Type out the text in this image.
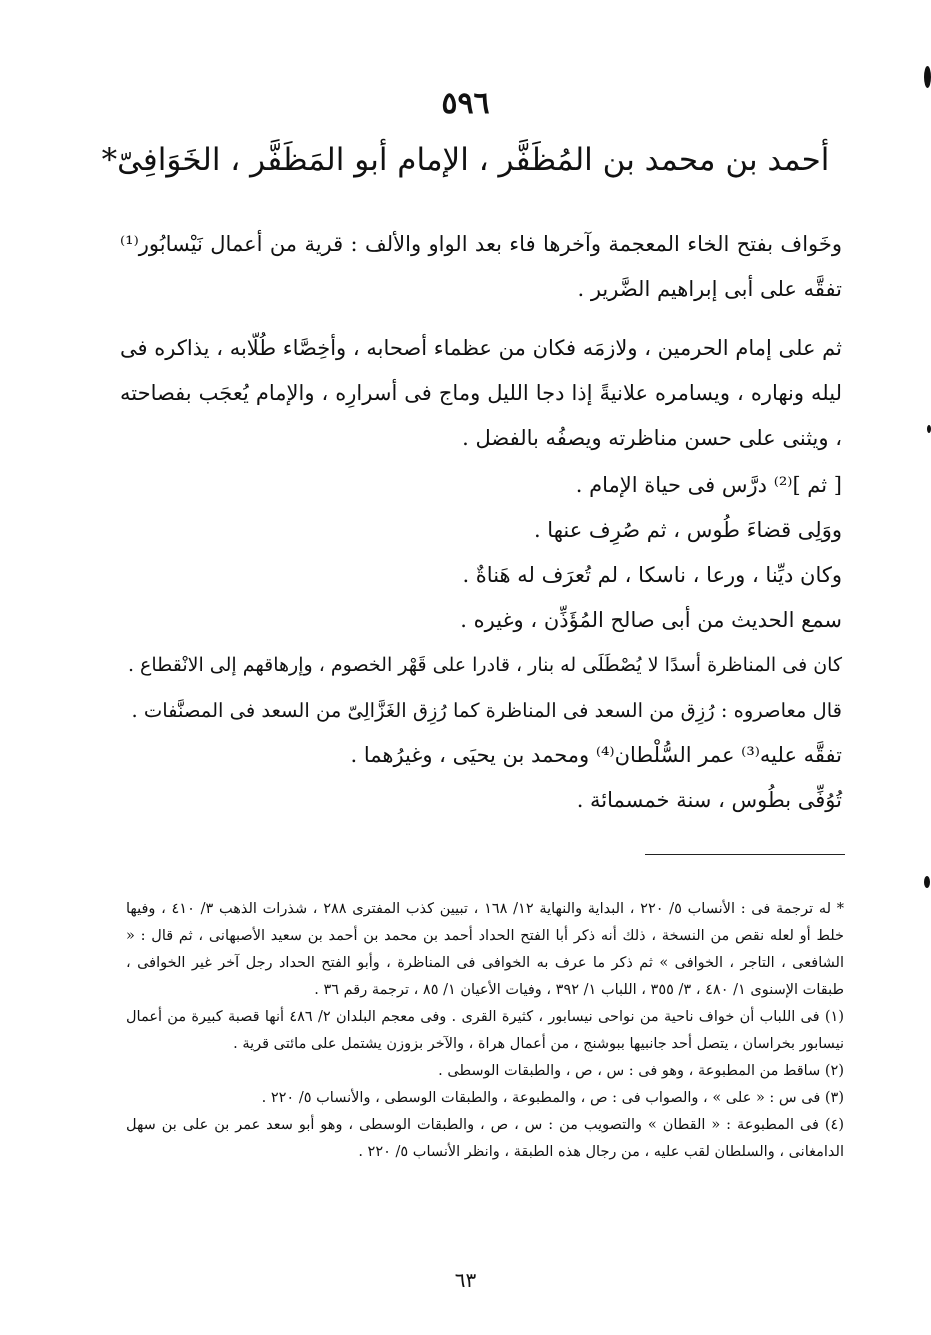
٥٩٦
أحمد بن محمد بن المُظَفَّر ، الإمام أبو المَظَفَّر ، الخَوَافِىّ*
وخَواف بفتح الخاء المعجمة وآخرها فاء بعد الواو والألف : قرية من أعمال نَيْسابُور⁽¹⁾ تفقَّه على أبى إبراهيم الضَّرير .
ثم على إمام الحرمين ، ولازمَه فكان من عظماء أصحابه ، وأخِصَّاء طُلّابه ، يذاكره فى ليله ونهاره ، ويسامره علانيةً إذا دجا الليل وماج فى أسرارِه ، والإمام يُعجَب بفصاحته ، ويثنى على حسن مناظرته ويصفُه بالفضل .
[ ثم ]⁽²⁾ درَّس فى حياة الإمام .
ووَلِى قضاءَ طُوس ، ثم صُرِف عنها .
وكان ديِّنا ، ورعا ، ناسكا ، لم تُعرَف له هَناةٌ .
سمع الحديث من أبى صالح المُؤَذِّن ، وغيره .
كان فى المناظرة أسدًا لا يُصْطَلَى له بنار ، قادرا على قَهْر الخصوم ، وإرهاقهم إلى الانْقطاع .
قال معاصروه : رُزِق من السعد فى المناظرة كما رُزِق الغَزَّالِىّ من السعد فى المصنَّفات .
تفقَّه عليه⁽³⁾ عمر السُّلْطان⁽⁴⁾ ومحمد بن يحيَى ، وغيرُهما .
تُوُفِّى بطُوس ، سنة خمسمائة .

* له ترجمة فى : الأنساب ٥/ ٢٢٠ ، البداية والنهاية ١٢/ ١٦٨ ، تبيين كذب المفترى ٢٨٨ ، شذرات الذهب ٣/ ٤١٠ ، وفيها خلط أو لعله نقص من النسخة ، ذلك أنه ذكر أبا الفتح الحداد أحمد بن محمد بن أحمد بن سعيد الأصبهانى ، ثم قال : « الشافعى ، التاجر ، الخوافى » ثم ذكر ما عرف به الخوافى فى المناظرة ، وأبو الفتح الحداد رجل آخر غير الخوافى ، طبقات الإسنوى ١/ ٤٨٠ ، ٣/ ٣٥٥ ، اللباب ١/ ٣٩٢ ، وفيات الأعيان ١/ ٨٥ ، ترجمة رقم ٣٦ .

(١) فى اللباب أن خواف ناحية من نواحى نيسابور ، كثيرة القرى . وفى معجم البلدان ٢/ ٤٨٦ أنها قصبة كبيرة من أعمال نيسابور بخراسان ، يتصل أحد جانبيها ببوشنج ، من أعمال هراة ، والآخر بزوزن يشتمل على مائتى قرية .

(٢) ساقط من المطبوعة ، وهو فى : س ، ص ، والطبقات الوسطى .

(٣) فى س : « على » ، والصواب فى : ص ، والمطبوعة ، والطبقات الوسطى ، والأنساب ٥/ ٢٢٠ .

(٤) فى المطبوعة : « القطان » والتصويب من : س ، ص ، والطبقات الوسطى ، وهو أبو سعد عمر بن على بن سهل الدامغانى ، والسلطان لقب عليه ، من رجال هذه الطبقة ، وانظر الأنساب ٥/ ٢٢٠ .

٦٣
